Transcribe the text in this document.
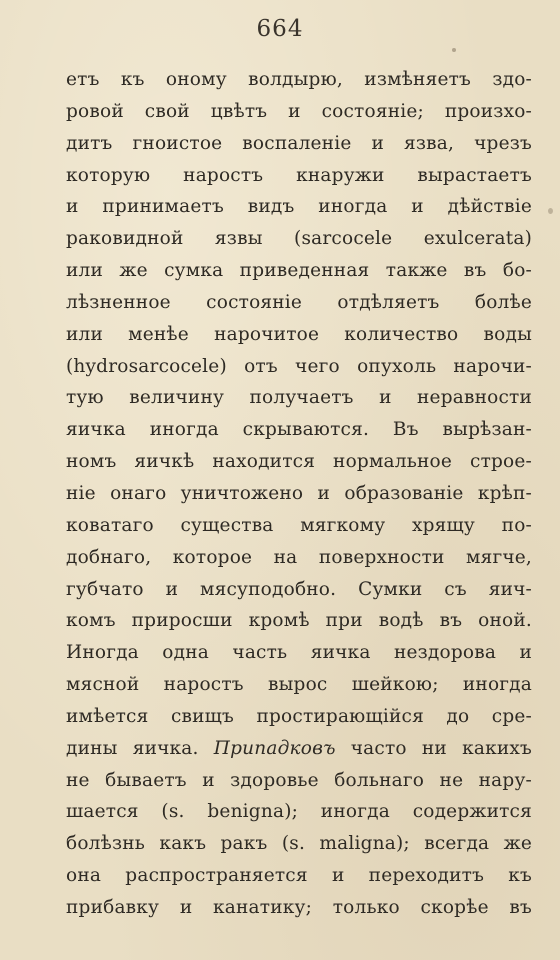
664
етъ къ оному волдырю, измѣняетъ здо-
ровой свой цвѣтъ и состояніе; произхо-
дитъ гноистое воспаленіе и язва, чрезъ
которую наростъ кнаружи вырастаетъ
и принимаетъ видъ иногда и дѣйствіе
раковидной язвы (sarcocele exulcerata)
или же сумка приведенная также въ бо-
лѣзненное состояніе отдѣляетъ болѣе
или менѣе нарочитое количество воды
(hydrosarcocele) отъ чего опухоль нарочи-
тую величину получаетъ и неравности
яичка иногда скрываются. Въ вырѣзан-
номъ яичкѣ находится нормальное строе-
ніе онаго уничтожено и образованіе крѣп-
коватаго существа мягкому хрящу по-
добнаго, которое на поверхности мягче,
губчато и мясуподобно. Сумки съ яич-
комъ приросши кромѣ при водѣ въ оной.
Иногда одна часть яичка нездорова и
мясной наростъ вырос шейкою; иногда
имѣется свищъ простирающійся до сре-
дины яичка. Припадковъ часто ни какихъ
не бываетъ и здоровье больнаго не нару-
шается (s. benigna); иногда содержится
болѣзнь какъ ракъ (s. maligna); всегда же
она распространяется и переходитъ къ
прибавку и канатику; только скорѣе въ
